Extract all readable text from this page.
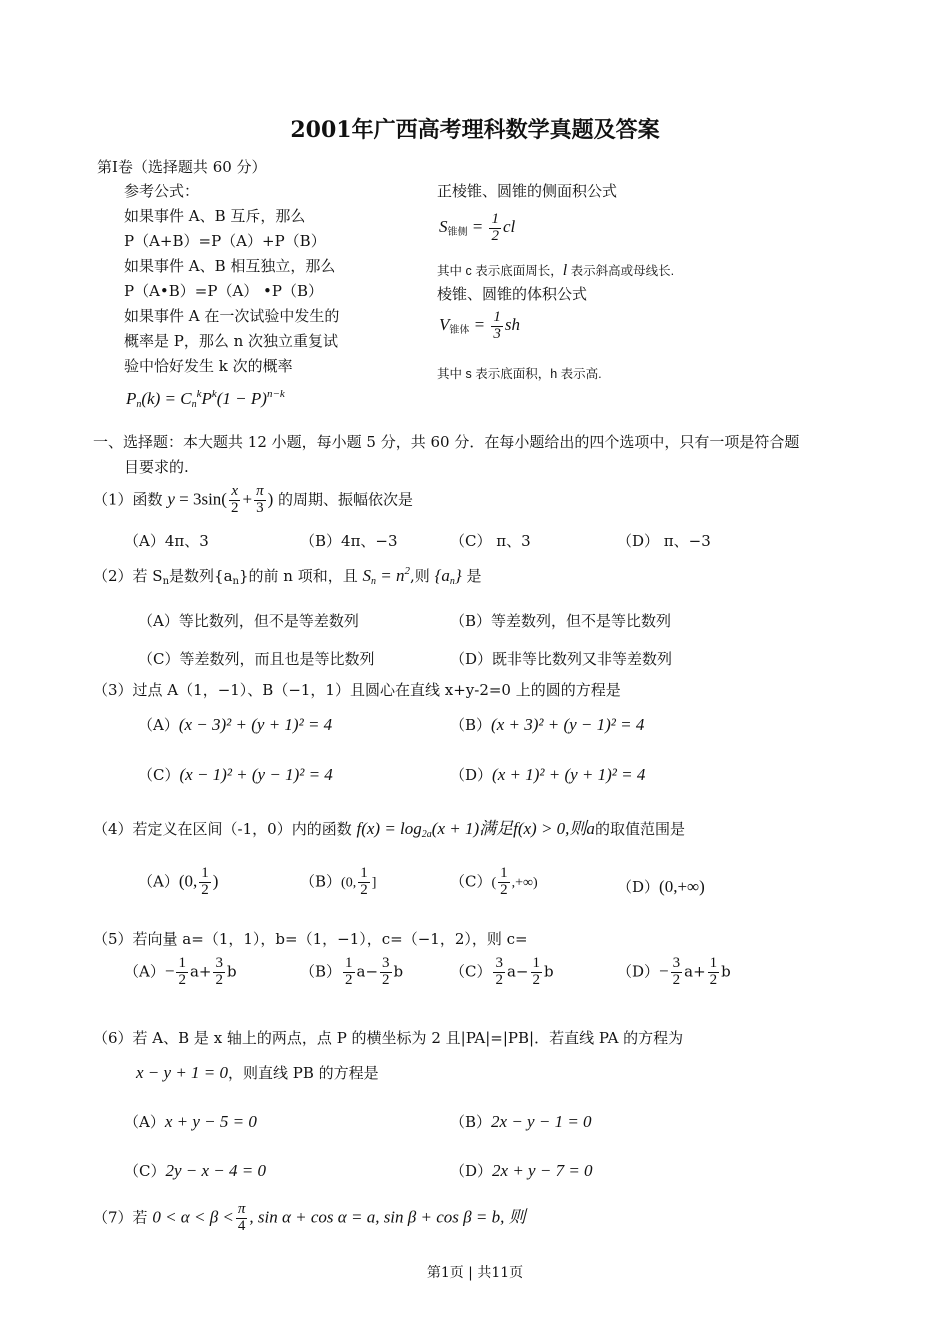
2001年广西高考理科数学真题及答案
第Ⅰ卷（选择题共 60 分）
参考公式：
如果事件 A、B 互斥，那么
P（A+B）=P（A）+P（B）
如果事件 A、B 相互独立，那么
P（A•B）=P（A） •P（B）
如果事件 A 在一次试验中发生的
概率是 P，那么 n 次独立重复试
验中恰好发生 k 次的概率
$P_n(k) = C_n^kP^k(1 - P)^{n-k}$
正棱锥、圆锥的侧面积公式
$S_{锥侧} = \frac{1}{2}$ cl
其中 c 表示底面周长，l 表示斜高或母线长.
棱锥、圆锥的体积公式
$V_{锥体} = \frac{1}{3}$ sh
其中 s 表示底面积，h 表示高.
一、选择题：本大题共 12 小题，每小题 5 分，共 60 分．在每小题给出的四个选项中，只有一项是符合题
目要求的.
（1）函数 $y = 3\sin( \frac{x}{2} + \frac{\pi}{3}$ ) 的周期、振幅依次是
（A）4π、3	（B）4π、−3	（C） π、3	（D） π、−3
（2）若 $S_n$是数列$\{a_n\}$的前 n 项和，且 $S_n = n^2$,则 $\{a_n\}$ 是
（A）等比数列，但不是等差数列	（B）等差数列，但不是等比数列
（C）等差数列，而且也是等比数列	（D）既非等比数列又非等差数列
（3）过点 A（1，−1）、B（−1，1）且圆心在直线 x+y-2=0 上的圆的方程是
（A）(x − 3)² + (y + 1)² = 4	（B）(x + 3)² + (y − 1)² = 4
（C）(x − 1)² + (y − 1)² = 4	（D）(x + 1)² + (y + 1)² = 4
（4）若定义在区间（-1，0）内的函数 $f(x) = \log_{2a}(x + 1)$满足f(x) > 0,则a的取值范围是
（A）(0, $\frac{1}{2}$ )	（B）(0, $\frac{1}{2}$ ]	$(C)( \frac{1}{2}$ ,+∞)	（D）(0,+∞)
（5）若向量 a=（1，1），b=（1，−1），c=（−1，2），则 c=
$(A)- \frac{1}{2} a+ \frac{3}{2}$ b	$(B) \frac{1}{2} a- \frac{3}{2}$ b	$(C) \frac{3}{2} a- \frac{1}{2}$ b	$(D)- \frac{3}{2} a+ \frac{1}{2}$ b
（6）若 A、B 是 x 轴上的两点，点 P 的横坐标为 2 且|PA|=|PB|．若直线 PA 的方程为
x − y + 1 = 0，则直线 PB 的方程是
（A）x + y − 5 = 0	（B）2x − y − 1 = 0
（C）2y − x − 4 = 0	（D）2x + y − 7 = 0
（7）若 $0 < \alpha < \beta < \frac{\pi}{4}$ , sin α + cos α = a, sin β + cos β = b, 则
第1页 | 共11页
